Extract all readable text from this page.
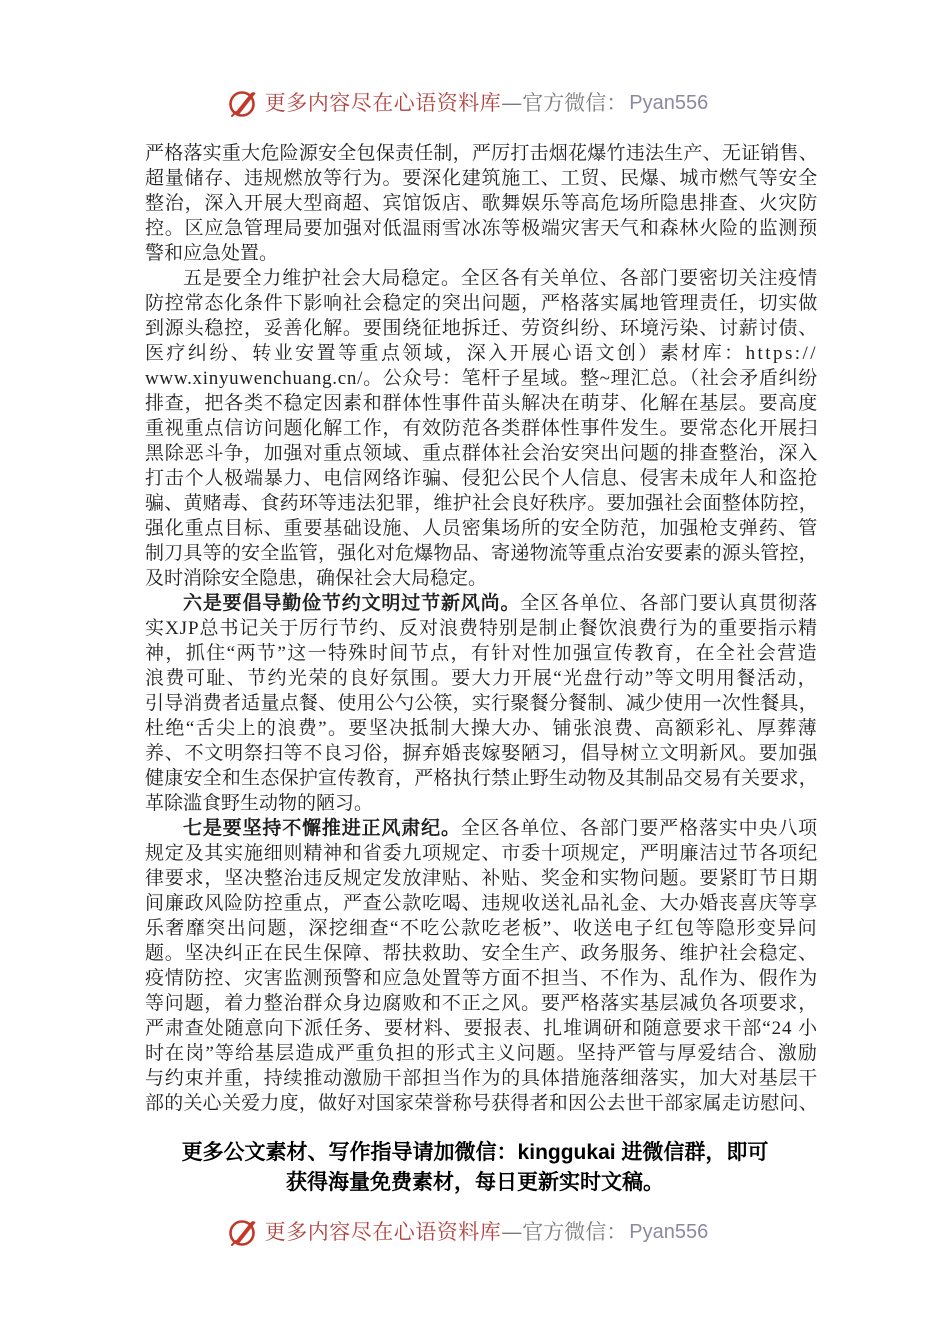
更多内容尽在心语资料库 —官方微信： Pyan556
严格落实重大危险源安全包保责任制，严厉打击烟花爆竹违法生产、无证销售、
超量储存、违规燃放等行为。要深化建筑施工、工贸、民爆、城市燃气等安全
整治，深入开展大型商超、宾馆饭店、歌舞娱乐等高危场所隐患排查、火灾防
控。区应急管理局要加强对低温雨雪冰冻等极端灾害天气和森林火险的监测预
警和应急处置。
五是要全力维护社会大局稳定。全区各有关单位、各部门要密切关注疫情
防控常态化条件下影响社会稳定的突出问题，严格落实属地管理责任，切实做
到源头稳控，妥善化解。要围绕征地拆迁、劳资纠纷、环境污染、讨薪讨债、
医疗纠纷、转业安置等重点领域，深入开展心语文创）素材库：https://
www.xinyuwenchuang.cn/。公众号：笔杆子星域。整~理汇总。（社会矛盾纠纷
排查，把各类不稳定因素和群体性事件苗头解决在萌芽、化解在基层。要高度
重视重点信访问题化解工作，有效防范各类群体性事件发生。要常态化开展扫
黑除恶斗争，加强对重点领域、重点群体社会治安突出问题的排查整治，深入
打击个人极端暴力、电信网络诈骗、侵犯公民个人信息、侵害未成年人和盗抢
骗、黄赌毒、食药环等违法犯罪，维护社会良好秩序。要加强社会面整体防控，
强化重点目标、重要基础设施、人员密集场所的安全防范，加强枪支弹药、管
制刀具等的安全监管，强化对危爆物品、寄递物流等重点治安要素的源头管控，
及时消除安全隐患，确保社会大局稳定。
六是要倡导勤俭节约文明过节新风尚。全区各单位、各部门要认真贯彻落
实XJP总书记关于厉行节约、反对浪费特别是制止餐饮浪费行为的重要指示精
神，抓住“两节”这一特殊时间节点，有针对性加强宣传教育，在全社会营造
浪费可耻、节约光荣的良好氛围。要大力开展“光盘行动”等文明用餐活动，
引导消费者适量点餐、使用公勺公筷，实行聚餐分餐制、减少使用一次性餐具，
杜绝“舌尖上的浪费”。要坚决抵制大操大办、铺张浪费、高额彩礼、厚葬薄
养、不文明祭扫等不良习俗，摒弃婚丧嫁娶陋习，倡导树立文明新风。要加强
健康安全和生态保护宣传教育，严格执行禁止野生动物及其制品交易有关要求，
革除滥食野生动物的陋习。
七是要坚持不懈推进正风肃纪。全区各单位、各部门要严格落实中央八项
规定及其实施细则精神和省委九项规定、市委十项规定，严明廉洁过节各项纪
律要求，坚决整治违反规定发放津贴、补贴、奖金和实物问题。要紧盯节日期
间廉政风险防控重点，严查公款吃喝、违规收送礼品礼金、大办婚丧喜庆等享
乐奢靡突出问题，深挖细查“不吃公款吃老板”、收送电子红包等隐形变异问
题。坚决纠正在民生保障、帮扶救助、安全生产、政务服务、维护社会稳定、
疫情防控、灾害监测预警和应急处置等方面不担当、不作为、乱作为、假作为
等问题，着力整治群众身边腐败和不正之风。要严格落实基层减负各项要求，
严肃查处随意向下派任务、要材料、要报表、扎堆调研和随意要求干部“24 小
时在岗”等给基层造成严重负担的形式主义问题。坚持严管与厚爱结合、激励
与约束并重，持续推动激励干部担当作为的具体措施落细落实，加大对基层干
部的关心关爱力度，做好对国家荣誉称号获得者和因公去世干部家属走访慰问、
更多公文素材、写作指导请加微信：kinggukai 进微信群，即可
获得海量免费素材，每日更新实时文稿。
更多内容尽在心语资料库 —官方微信： Pyan556
